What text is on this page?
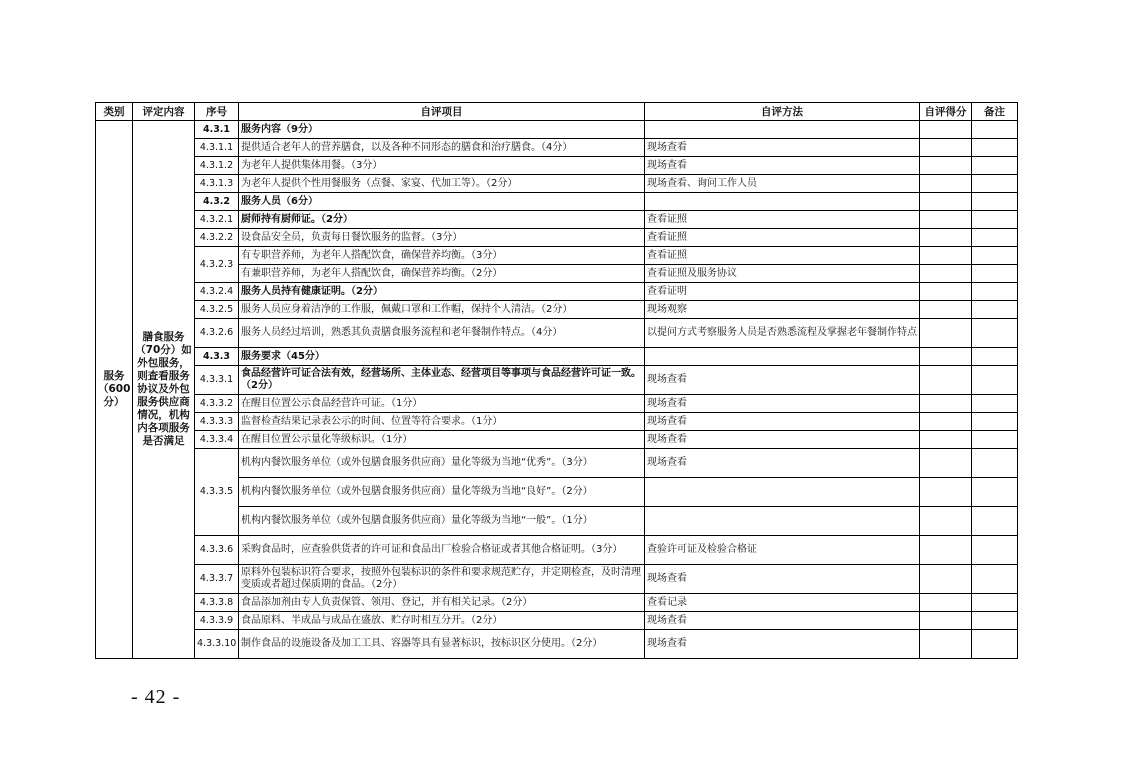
类别	评定内容	序号	自评项目	自评方法	自评得分	备注
服务（600分）	膳食服务（70分）如外包服务，则查看服务协议及外包服务供应商情况，机构内各项服务是否满足	4.3.1	服务内容（9分）			
		4.3.1.1	提供适合老年人的营养膳食，以及各种不同形态的膳食和治疗膳食。（4分）	现场查看		
		4.3.1.2	为老年人提供集体用餐。（3分）	现场查看		
		4.3.1.3	为老年人提供个性用餐服务（点餐、家宴、代加工等）。（2分）	现场查看、询问工作人员		
		4.3.2	服务人员（6分）			
		4.3.2.1	厨师持有厨师证。（2分）	查看证照		
		4.3.2.2	设食品安全员，负责每日餐饮服务的监督。（3分）	查看证照		
		4.3.2.3	有专职营养师，为老年人搭配饮食，确保营养均衡。（3分）	查看证照		
			有兼职营养师，为老年人搭配饮食，确保营养均衡。（2分）	查看证照及服务协议		
		4.3.2.4	服务人员持有健康证明。（2分）	查看证明		
		4.3.2.5	服务人员应身着洁净的工作服，佩戴口罩和工作帽，保持个人清洁。（2分）	现场观察		
		4.3.2.6	服务人员经过培训，熟悉其负责膳食服务流程和老年餐制作特点。（4分）	以提问方式考察服务人员是否熟悉流程及掌握老年餐制作特点		
		4.3.3	服务要求（45分）			
		4.3.3.1	食品经营许可证合法有效，经营场所、主体业态、经营项目等事项与食品经营许可证一致。（2分）	现场查看		
		4.3.3.2	在醒目位置公示食品经营许可证。（1分）	现场查看		
		4.3.3.3	监督检查结果记录表公示的时间、位置等符合要求。（1分）	现场查看		
		4.3.3.4	在醒目位置公示量化等级标识。（1分）	现场查看		
		4.3.3.5	机构内餐饮服务单位（或外包膳食服务供应商）量化等级为当地“优秀”。（3分）	现场查看		
			机构内餐饮服务单位（或外包膳食服务供应商）量化等级为当地“良好”。（2分）			
			机构内餐饮服务单位（或外包膳食服务供应商）量化等级为当地“一般”。（1分）			
		4.3.3.6	采购食品时，应查验供货者的许可证和食品出厂检验合格证或者其他合格证明。（3分）	查验许可证及检验合格证		
		4.3.3.7	原料外包装标识符合要求，按照外包装标识的条件和要求规范贮存，并定期检查，及时清理变质或者超过保质期的食品。（2分）	现场查看		
		4.3.3.8	食品添加剂由专人负责保管、领用、登记，并有相关记录。（2分）	查看记录		
		4.3.3.9	食品原料、半成品与成品在盛放、贮存时相互分开。（2分）	现场查看		
		4.3.3.10	制作食品的设施设备及加工工具、容器等具有显著标识，按标识区分使用。（2分）	现场查看		
- 42 -
